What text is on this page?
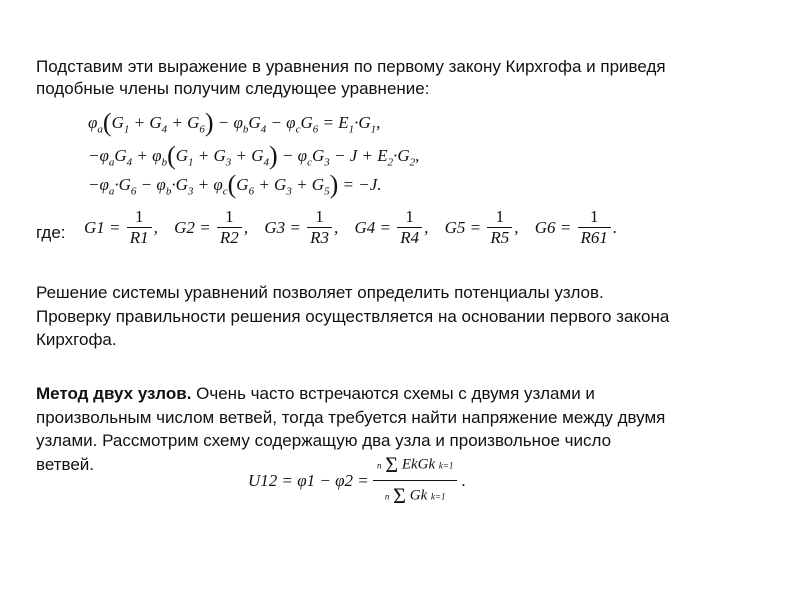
Подставим эти выражение в уравнения по первому закону Кирхгофа и приведя
подобные члены получим следующее уравнение:
$\varphi_a(G_1 + G_4 + G_6) - \varphi_bG_4 - \varphi_cG_6 = E_1\cdot G_1$,
$-\varphi_aG_4 + \varphi_b(G_1 + G_3 + G_4) - \varphi_cG_3 - J + E_2\cdot G_2$,
$-\varphi_a\cdot G_6 - \varphi_b\cdot G_3 + \varphi_c(G_6 + G_3 + G_5) = -J$.
где: $G1 = \frac{1}{R1}$ , $G2 = \frac{1}{R2}$ , $G3 = \frac{1}{R3}$ , $G4 = \frac{1}{R4}$ , $G5 = \frac{1}{R5}$ , $G6 = \frac{1}{R61}$ .
Решение системы уравнений позволяет определить потенциалы узлов.
Проверку правильности решения осуществляется на основании первого закона
Кирхгофа.
Метод двух узлов. Очень часто встречаются схемы с двумя узлами и
произвольным числом ветвей, тогда требуется найти напряжение между двумя
узлами. Рассмотрим схему содержащую два узла и произвольное число
ветвей.
U12 = φ1 − φ2 =
n Σ EkGk k=1
n Σ Gk k=1
.
